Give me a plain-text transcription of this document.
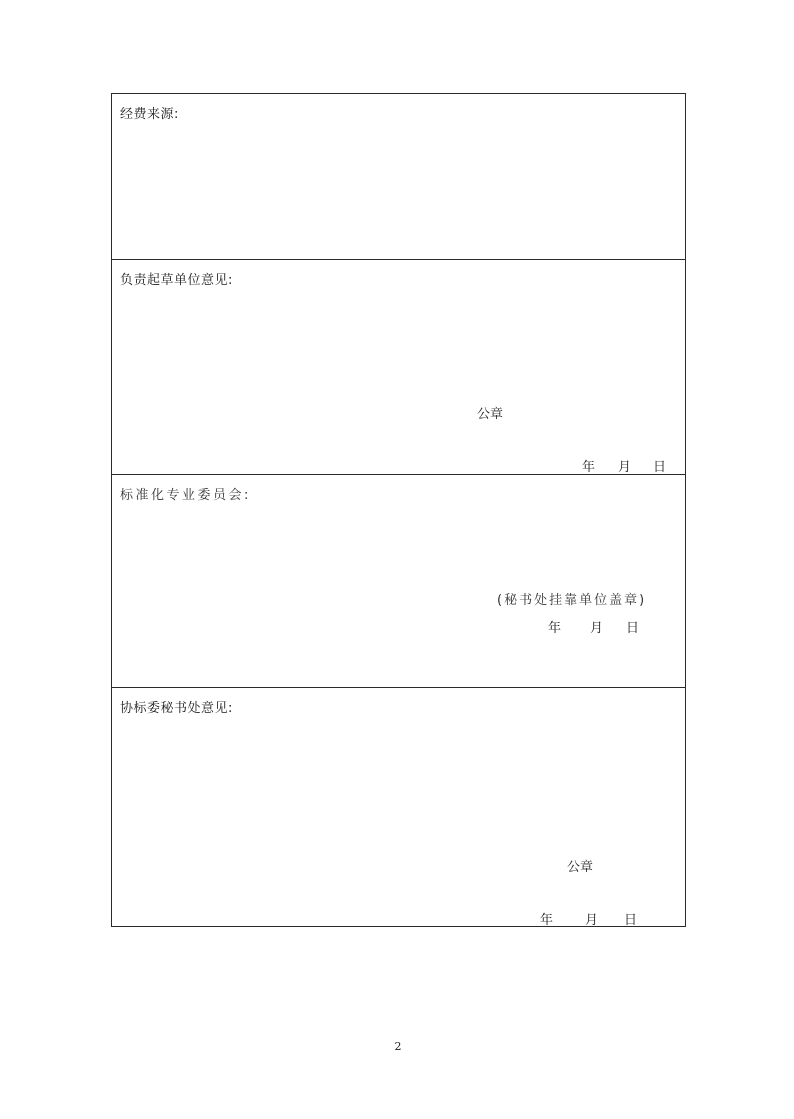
经费来源:
负责起草单位意见:
公章
年 月 日
标准化专业委员会:
(秘书处挂靠单位盖章)
年 月 日
协标委秘书处意见:
公章
年 月 日
2
